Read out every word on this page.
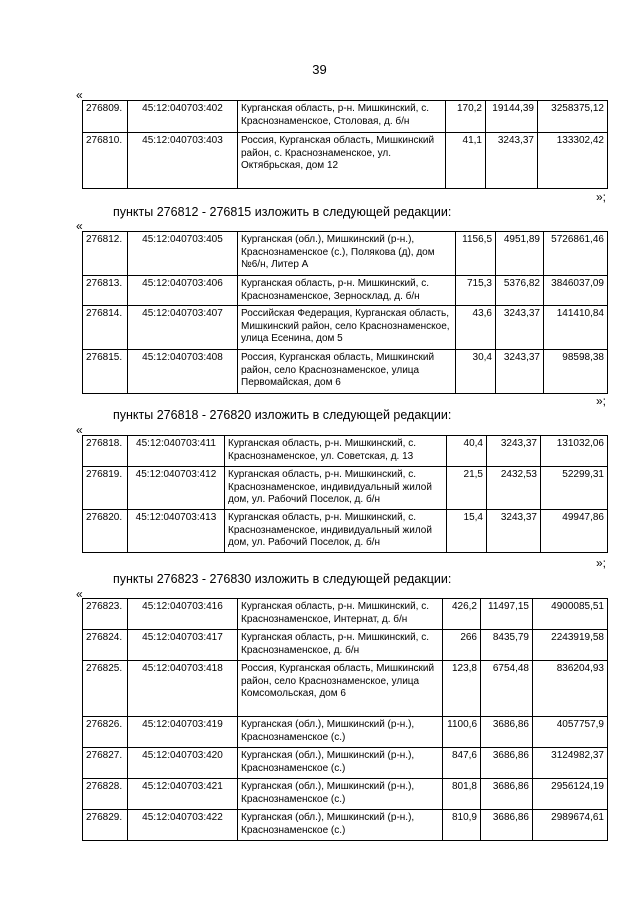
39
«
276809.	45:12:040703:402	Курганская область, р-н. Мишкинский, с. Краснознаменское, Столовая, д. б/н	170,2	19144,39	3258375,12
276810.	45:12:040703:403	Россия, Курганская область, Мишкинский район, с. Краснознаменское, ул. Октябрьская, дом 12	41,1	3243,37	133302,42
»;
пункты 276812 - 276815 изложить в следующей редакции:
«
276812.	45:12:040703:405	Курганская (обл.), Мишкинский (р-н.), Краснознаменское (с.), Полякова (д), дом №6/н, Литер А	1156,5	4951,89	5726861,46
276813.	45:12:040703:406	Курганская область, р-н. Мишкинский, с. Краснознаменское, Зерносклад, д. б/н	715,3	5376,82	3846037,09
276814.	45:12:040703:407	Российская Федерация, Курганская область, Мишкинский район, село Краснознаменское, улица Есенина, дом 5	43,6	3243,37	141410,84
276815.	45:12:040703:408	Россия, Курганская область, Мишкинский район, село Краснознаменское, улица Первомайская, дом 6	30,4	3243,37	98598,38
»;
пункты 276818 - 276820 изложить в следующей редакции:
«
276818.	45:12:040703:411	Курганская область, р-н. Мишкинский, с. Краснознаменское, ул. Советская, д. 13	40,4	3243,37	131032,06
276819.	45:12:040703:412	Курганская область, р-н. Мишкинский, с. Краснознаменское, индивидуальный жилой дом, ул. Рабочий Поселок, д. б/н	21,5	2432,53	52299,31
276820.	45:12:040703:413	Курганская область, р-н. Мишкинский, с. Краснознаменское, индивидуальный жилой дом, ул. Рабочий Поселок, д. б/н	15,4	3243,37	49947,86
»;
пункты 276823 - 276830 изложить в следующей редакции:
«
276823.	45:12:040703:416	Курганская область, р-н. Мишкинский, с. Краснознаменское, Интернат, д. б/н	426,2	11497,15	4900085,51
276824.	45:12:040703:417	Курганская область, р-н. Мишкинский, с. Краснознаменское, д. б/н	266	8435,79	2243919,58
276825.	45:12:040703:418	Россия, Курганская область, Мишкинский район, село Краснознаменское, улица Комсомольская, дом 6	123,8	6754,48	836204,93
276826.	45:12:040703:419	Курганская (обл.), Мишкинский (р-н.), Краснознаменское (с.)	1100,6	3686,86	4057757,9
276827.	45:12:040703:420	Курганская (обл.), Мишкинский (р-н.), Краснознаменское (с.)	847,6	3686,86	3124982,37
276828.	45:12:040703:421	Курганская (обл.), Мишкинский (р-н.), Краснознаменское (с.)	801,8	3686,86	2956124,19
276829.	45:12:040703:422	Курганская (обл.), Мишкинский (р-н.), Краснознаменское (с.)	810,9	3686,86	2989674,61
